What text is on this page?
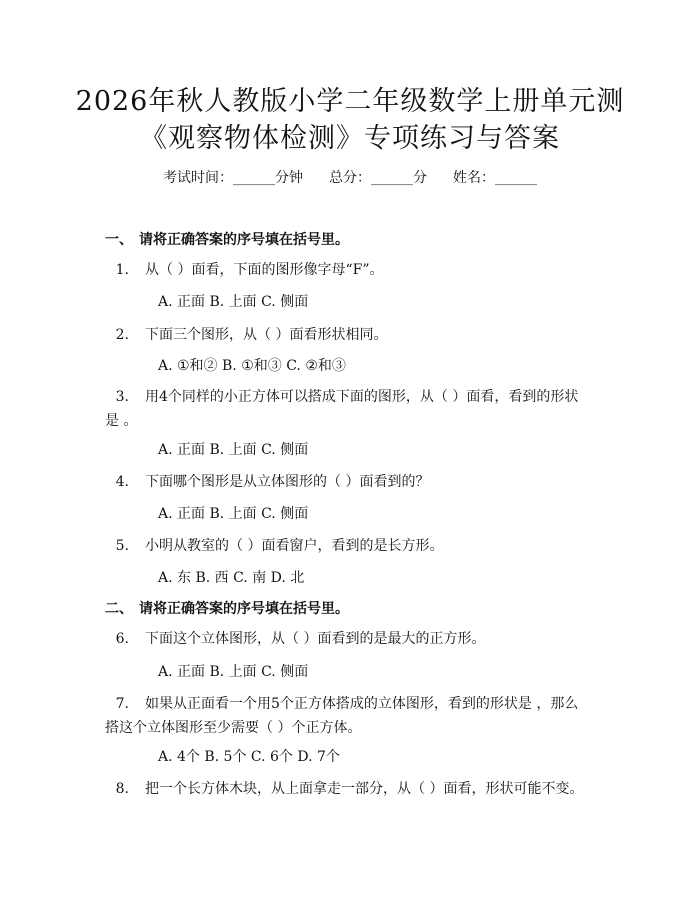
2026年秋人教版小学二年级数学上册单元测
《观察物体检测》专项练习与答案
考试时间：______分钟 总分：______分 姓名：______
一、 请将正确答案的序号填在括号里。
1. 从（ ）面看，下面的图形像字母“F”。
A. 正面 B. 上面 C. 侧面
2. 下面三个图形，从（ ）面看形状相同。
A. ①和② B. ①和③ C. ②和③
3. 用4个同样的小正方体可以搭成下面的图形，从（ ）面看，看到的形状
是 。
A. 正面 B. 上面 C. 侧面
4. 下面哪个图形是从立体图形的（ ）面看到的？
A. 正面 B. 上面 C. 侧面
5. 小明从教室的（ ）面看窗户，看到的是长方形。
A. 东 B. 西 C. 南 D. 北
二、 请将正确答案的序号填在括号里。
6. 下面这个立体图形，从（ ）面看到的是最大的正方形。
A. 正面 B. 上面 C. 侧面
7. 如果从正面看一个用5个正方体搭成的立体图形，看到的形状是 ，那么
搭这个立体图形至少需要（ ）个正方体。
A. 4个 B. 5个 C. 6个 D. 7个
8. 把一个长方体木块，从上面拿走一部分，从（ ）面看，形状可能不变。
